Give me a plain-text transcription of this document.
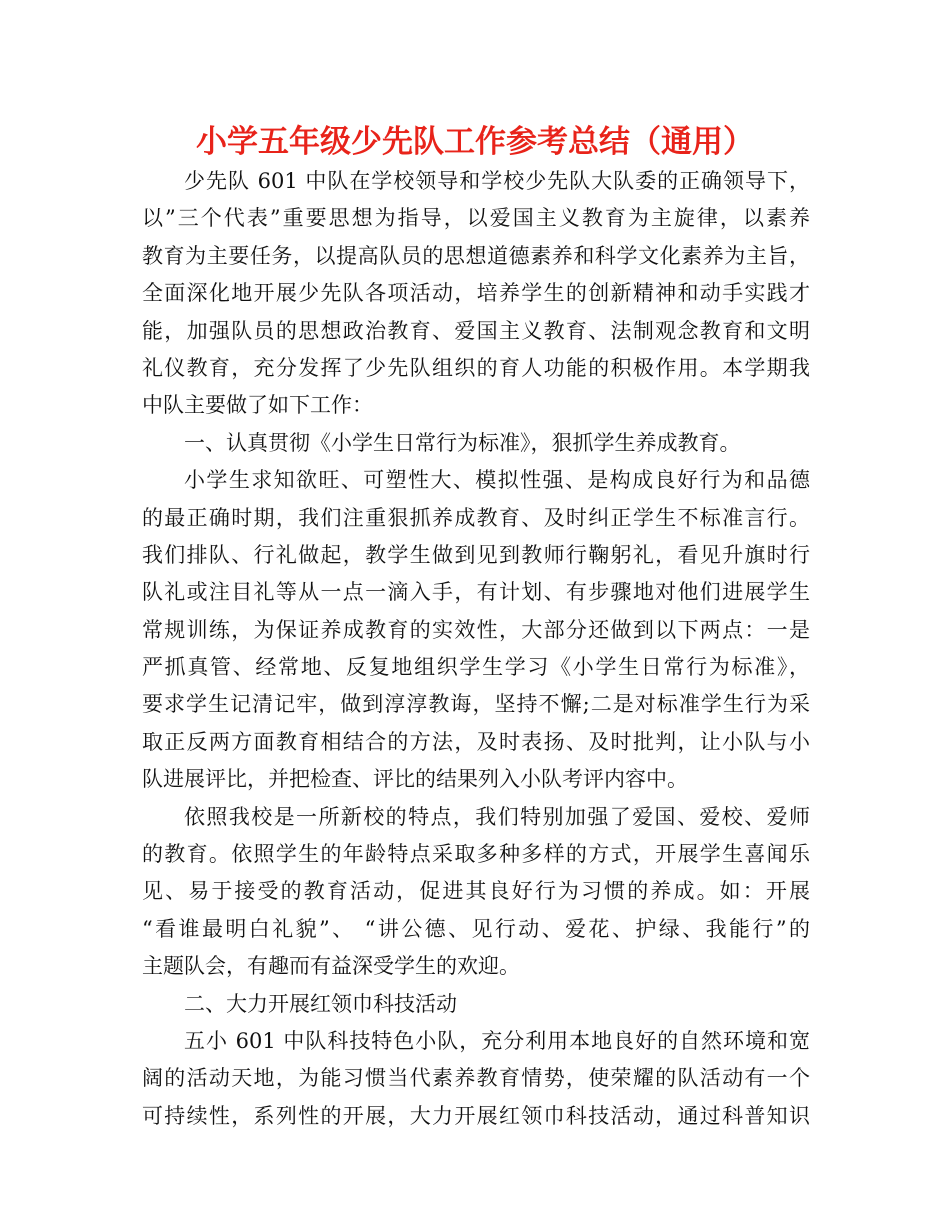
小学五年级少先队工作参考总结（通用）
少先队 601 中队在学校领导和学校少先队大队委的正确领导下，
以”三个代表”重要思想为指导，以爱国主义教育为主旋律，以素养
教育为主要任务，以提高队员的思想道德素养和科学文化素养为主旨，
全面深化地开展少先队各项活动，培养学生的创新精神和动手实践才
能，加强队员的思想政治教育、爱国主义教育、法制观念教育和文明
礼仪教育，充分发挥了少先队组织的育人功能的积极作用。本学期我
中队主要做了如下工作：
一、认真贯彻《小学生日常行为标准》，狠抓学生养成教育。
小学生求知欲旺、可塑性大、模拟性强、是构成良好行为和品德
的最正确时期，我们注重狠抓养成教育、及时纠正学生不标准言行。
我们排队、行礼做起，教学生做到见到教师行鞠躬礼，看见升旗时行
队礼或注目礼等从一点一滴入手，有计划、有步骤地对他们进展学生
常规训练，为保证养成教育的实效性，大部分还做到以下两点：一是
严抓真管、经常地、反复地组织学生学习《小学生日常行为标准》，
要求学生记清记牢，做到淳淳教诲，坚持不懈;二是对标准学生行为采
取正反两方面教育相结合的方法，及时表扬、及时批判，让小队与小
队进展评比，并把检查、评比的结果列入小队考评内容中。
依照我校是一所新校的特点，我们特别加强了爱国、爱校、爱师
的教育。依照学生的年龄特点采取多种多样的方式，开展学生喜闻乐
见、易于接受的教育活动，促进其良好行为习惯的养成。如：开展
“看谁最明白礼貌”、 “讲公德、见行动、爱花、护绿、我能行”的
主题队会，有趣而有益深受学生的欢迎。
二、大力开展红领巾科技活动
五小 601 中队科技特色小队，充分利用本地良好的自然环境和宽
阔的活动天地，为能习惯当代素养教育情势，使荣耀的队活动有一个
可持续性，系列性的开展，大力开展红领巾科技活动，通过科普知识
